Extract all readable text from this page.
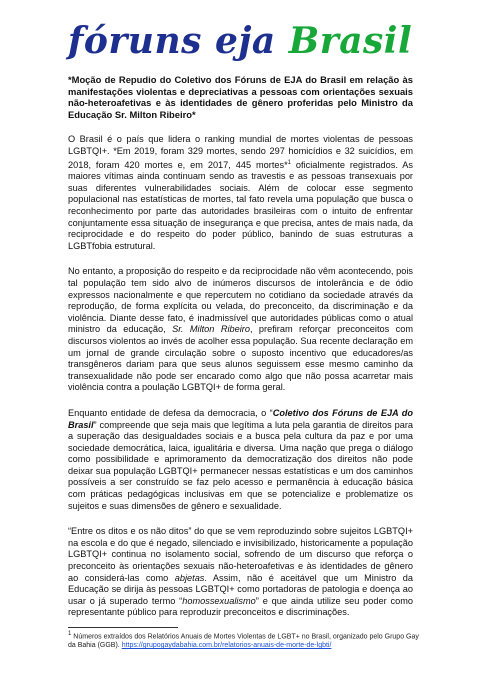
fóruns eja Brasil
*Moção de Repudio do Coletivo dos Fóruns de EJA do Brasil em relação às manifestações violentas e depreciativas a pessoas com orientações sexuais não-heteroafetivas e às identidades de gênero proferidas pelo Ministro da Educação Sr. Milton Ribeiro*

O Brasil é o país que lidera o ranking mundial de mortes violentas de pessoas LGBTQI+. *Em 2019, foram 329 mortes, sendo 297 homicídios e 32 suicídios, em 2018, foram 420 mortes e, em 2017, 445 mortes*$^1$ oficialmente registrados. As maiores vítimas ainda continuam sendo as travestis e as pessoas transexuais por suas diferentes vulnerabilidades sociais. Além de colocar esse segmento populacional nas estatísticas de mortes, tal fato revela uma população que busca o reconhecimento por parte das autoridades brasileiras com o intuito de enfrentar conjuntamente essa situação de insegurança e que precisa, antes de mais nada, da reciprocidade e do respeito do poder público, banindo de suas estruturas a LGBTfobia estrutural.

No entanto, a proposição do respeito e da reciprocidade não vêm acontecendo, pois tal população tem sido alvo de inúmeros discursos de intolerância e de ódio expressos nacionalmente e que repercutem no cotidiano da sociedade através da reprodução, de forma explícita ou velada, do preconceito, da discriminação e da violência. Diante desse fato, é inadmissível que autoridades públicas como o atual ministro da educação, Sr. Milton Ribeiro, prefiram reforçar preconceitos com discursos violentos ao invés de acolher essa população. Sua recente declaração em um jornal de grande circulação sobre o suposto incentivo que educadores/as transgêneros dariam para que seus alunos seguissem esse mesmo caminho da transexualidade não pode ser encarado como algo que não possa acarretar mais violência contra a poulação LGBTQI+ de forma geral.

Enquanto entidade de defesa da democracia, o “Coletivo dos Fóruns de EJA do Brasil” compreende que seja mais que legítima a luta pela garantia de direitos para a superação das desigualdades sociais e a busca pela cultura da paz e por uma sociedade democrática, laica, igualitária e diversa. Uma nação que prega o diálogo como possibilidade e aprimoramento da democratização dos direitos não pode deixar sua população LGBTQI+ permanecer nessas estatísticas e um dos caminhos possíveis a ser construído se faz pelo acesso e permanência à educação básica com práticas pedagógicas inclusivas em que se potencialize e problematize os sujeitos e suas dimensões de gênero e sexualidade.

“Entre os ditos e os não ditos” do que se vem reproduzindo sobre sujeitos LGBTQI+ na escola e do que é negado, silenciado e invisibilizado, historicamente a população LGBTQI+ continua no isolamento social, sofrendo de um discurso que reforça o preconceito às orientações sexuais não-heteroafetivas e às identidades de gênero ao considerá-las como abjetas. Assim, não é aceitável que um Ministro da Educação se dirija às pessoas LGBTQI+ como portadoras de patologia e doença ao usar o já superado termo “homossexualismo” e que ainda utilize seu poder como representante público para reproduzir preconceitos e discriminações.

$^1$ Números extraídos dos Relatórios Anuais de Mortes Violentas de LGBT+ no Brasil, organizado pelo Grupo Gay da Bahia (GGB). https://grupogaydabahia.com.br/relatorios-anuais-de-morte-de-lgbti/
